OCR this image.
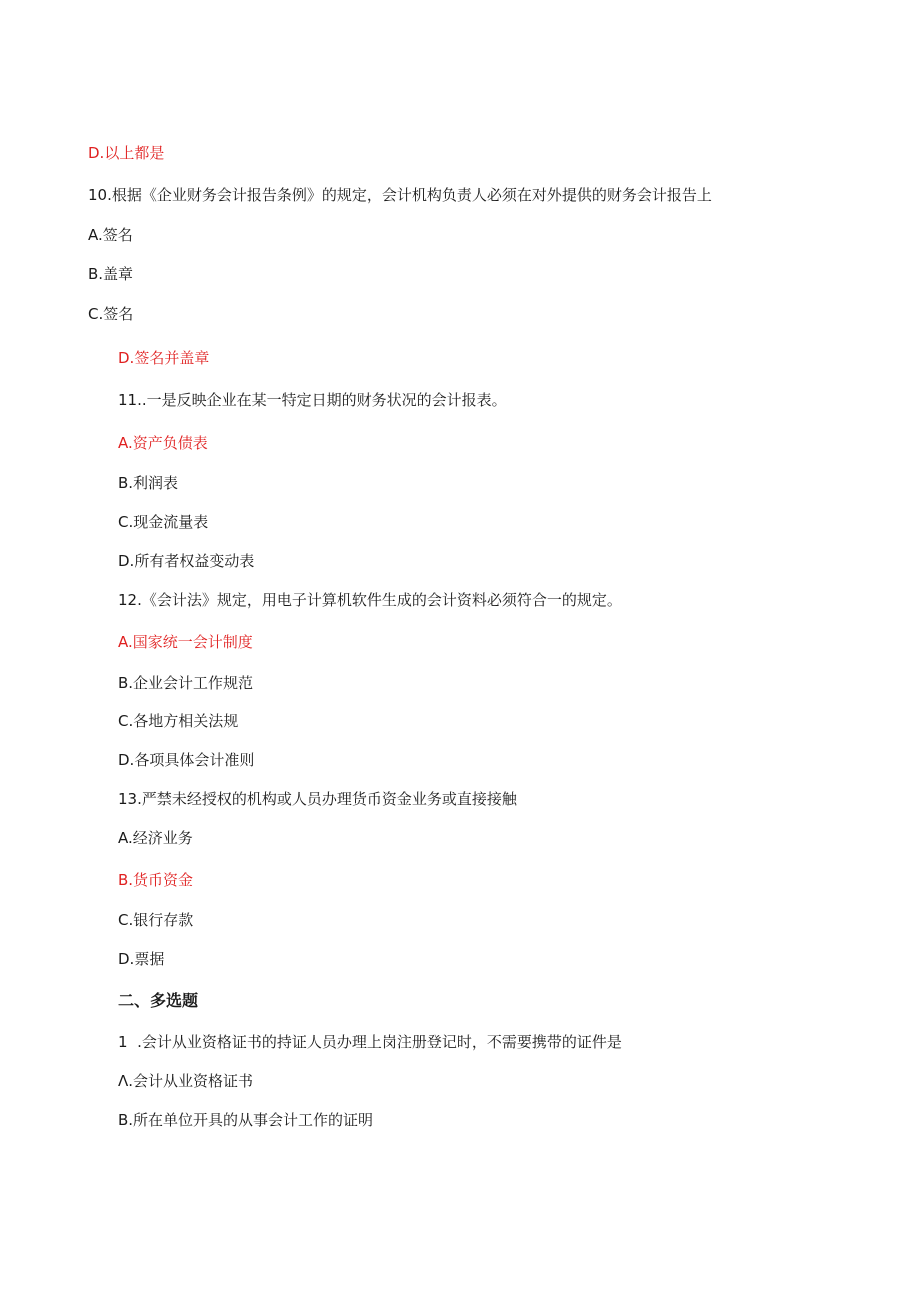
D.以上都是
10.根据《企业财务会计报告条例》的规定，会计机构负责人必须在对外提供的财务会计报告上
A.签名
B.盖章
C.签名
D.签名并盖章
11..一是反映企业在某一特定日期的财务状况的会计报表。
A.资产负债表
B.利润表
C.现金流量表
D.所有者权益变动表
12.《会计法》规定，用电子计算机软件生成的会计资料必须符合一的规定。
A.国家统一会计制度
B.企业会计工作规范
C.各地方相关法规
D.各项具体会计准则
13.严禁未经授权的机构或人员办理货币资金业务或直接接触
A.经济业务
B.货币资金
C.银行存款
D.票据
二、多选题
1  .会计从业资格证书的持证人员办理上岗注册登记时，不需要携带的证件是
Λ.会计从业资格证书
B.所在单位开具的从事会计工作的证明
